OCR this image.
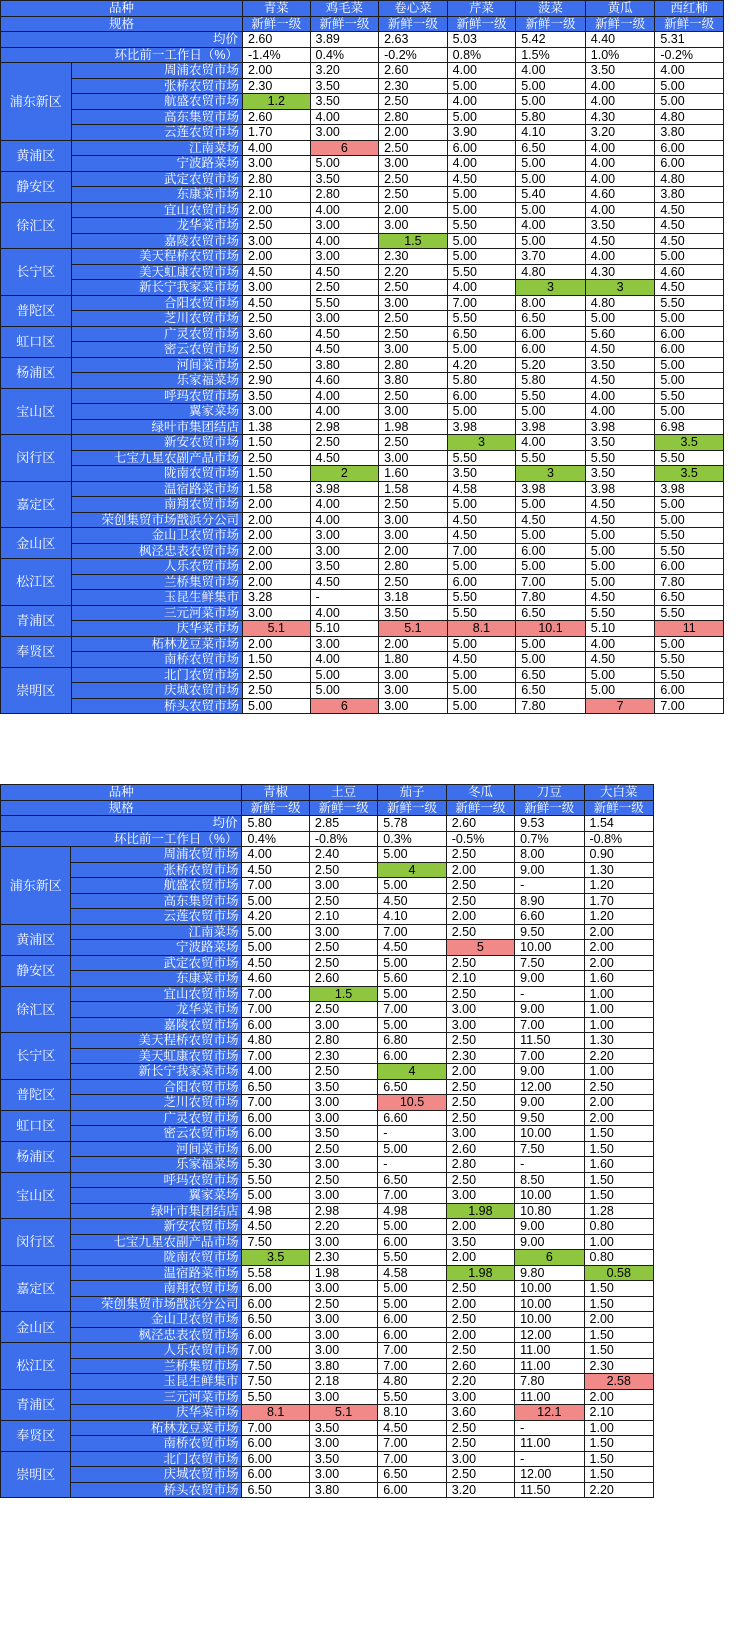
品种		青菜	鸡毛菜	卷心菜	芹菜	菠菜	黄瓜	西红柿
规格		新鲜一级	新鲜一级	新鲜一级	新鲜一级	新鲜一级	新鲜一级	新鲜一级
均价		2.60	3.89	2.63	5.03	5.42	4.40	5.31
环比前一工作日（%）		-1.4%	0.4%	-0.2%	0.8%	1.5%	1.0%	-0.2%
浦东新区	周浦农贸市场	2.00	3.20	2.60	4.00	4.00	3.50	4.00
	张桥农贸市场	2.30	3.50	2.30	5.00	5.00	4.00	5.00
	航盛农贸市场	1.2	3.50	2.50	4.00	5.00	4.00	5.00
	高东集贸市场	2.60	4.00	2.80	5.00	5.80	4.30	4.80
	云莲农贸市场	1.70	3.00	2.00	3.90	4.10	3.20	3.80
黄浦区	江南菜场	4.00	6	2.50	6.00	6.50	4.00	6.00
	宁波路菜场	3.00	5.00	3.00	4.00	5.00	4.00	6.00
静安区	武定农贸市场	2.80	3.50	2.50	4.50	5.00	4.00	4.80
	东康菜市场	2.10	2.80	2.50	5.00	5.40	4.60	3.80
徐汇区	宜山农贸市场	2.00	4.00	2.00	5.00	5.00	4.00	4.50
	龙华菜市场	2.50	3.00	3.00	5.50	4.00	3.50	4.50
	嘉陵农贸市场	3.00	4.00	1.5	5.00	5.00	4.50	4.50
长宁区	美天程桥农贸市场	2.00	3.00	2.30	5.00	3.70	4.00	5.00
	美天虹康农贸市场	4.50	4.50	2.20	5.50	4.80	4.30	4.60
	新长宁我家菜市场	3.00	2.50	2.50	4.00	3	3	4.50
普陀区	合阳农贸市场	4.50	5.50	3.00	7.00	8.00	4.80	5.50
	芝川农贸市场	2.50	3.00	2.50	5.50	6.50	5.00	5.00
虹口区	广灵农贸市场	3.60	4.50	2.50	6.50	6.00	5.60	6.00
	密云农贸市场	2.50	4.50	3.00	5.00	6.00	4.50	6.00
杨浦区	河间菜市场	2.50	3.80	2.80	4.20	5.20	3.50	5.00
	乐家福菜场	2.90	4.60	3.80	5.80	5.80	4.50	5.00
宝山区	呼玛农贸市场	3.50	4.00	2.50	6.00	5.50	4.00	5.50
	翼家菜场	3.00	4.00	3.00	5.00	5.00	4.00	5.00
	绿叶市集团结店	1.38	2.98	1.98	3.98	3.98	3.98	6.98
闵行区	新安农贸市场	1.50	2.50	2.50	3	4.00	3.50	3.5
	七宝九星农副产品市场	2.50	4.50	3.00	5.50	5.50	5.50	5.50
	陇南农贸市场	1.50	2	1.60	3.50	3	3.50	3.5
嘉定区	温宿路菜市场	1.58	3.98	1.58	4.58	3.98	3.98	3.98
	南翔农贸市场	2.00	4.00	2.50	5.00	5.00	4.50	5.00
	荣创集贸市场戬浜分公司	2.00	4.00	3.00	4.50	4.50	4.50	5.00
金山区	金山卫农贸市场	2.00	3.00	3.00	4.50	5.00	5.00	5.50
	枫泾忠表农贸市场	2.00	3.00	2.00	7.00	6.00	5.00	5.50
松江区	人乐农贸市场	2.00	3.50	2.80	5.00	5.00	5.00	6.00
	兰桥集贸市场	2.00	4.50	2.50	6.00	7.00	5.00	7.80
	玉昆生鲜集市	3.28	-	3.18	5.50	7.80	4.50	6.50
青浦区	三元河菜市场	3.00	4.00	3.50	5.50	6.50	5.50	5.50
	庆华菜市场	5.1	5.10	5.1	8.1	10.1	5.10	11
奉贤区	柘林龙豆菜市场	2.00	3.00	2.00	5.00	5.00	4.00	5.00
	南桥农贸市场	1.50	4.00	1.80	4.50	5.00	4.50	5.50
崇明区	北门农贸市场	2.50	5.00	3.00	5.00	6.50	5.00	5.50
	庆城农贸市场	2.50	5.00	3.00	5.00	6.50	5.00	6.00
	桥头农贸市场	5.00	6	3.00	5.00	7.80	7	7.00
品种		青椒	土豆	茄子	冬瓜	刀豆	大白菜
规格		新鲜一级	新鲜一级	新鲜一级	新鲜一级	新鲜一级	新鲜一级
均价		5.80	2.85	5.78	2.60	9.53	1.54
环比前一工作日（%）		0.4%	-0.8%	0.3%	-0.5%	0.7%	-0.8%
浦东新区	周浦农贸市场	4.00	2.40	5.00	2.50	8.00	0.90
	张桥农贸市场	4.50	2.50	4	2.00	9.00	1.30
	航盛农贸市场	7.00	3.00	5.00	2.50	-	1.20
	高东集贸市场	5.00	2.50	4.50	2.50	8.90	1.70
	云莲农贸市场	4.20	2.10	4.10	2.00	6.60	1.20
黄浦区	江南菜场	5.00	3.00	7.00	2.50	9.50	2.00
	宁波路菜场	5.00	2.50	4.50	5	10.00	2.00
静安区	武定农贸市场	4.50	2.50	5.00	2.50	7.50	2.00
	东康菜市场	4.60	2.60	5.60	2.10	9.00	1.60
徐汇区	宜山农贸市场	7.00	1.5	5.00	2.50	-	1.00
	龙华菜市场	7.00	2.50	7.00	3.00	9.00	1.00
	嘉陵农贸市场	6.00	3.00	5.00	3.00	7.00	1.00
长宁区	美天程桥农贸市场	4.80	2.80	6.80	2.50	11.50	1.30
	美天虹康农贸市场	7.00	2.30	6.00	2.30	7.00	2.20
	新长宁我家菜市场	4.00	2.50	4	2.00	9.00	1.00
普陀区	合阳农贸市场	6.50	3.50	6.50	2.50	12.00	2.50
	芝川农贸市场	7.00	3.00	10.5	2.50	9.00	2.00
虹口区	广灵农贸市场	6.00	3.00	6.60	2.50	9.50	2.00
	密云农贸市场	6.00	3.50	-	3.00	10.00	1.50
杨浦区	河间菜市场	6.00	2.50	5.00	2.60	7.50	1.50
	乐家福菜场	5.30	3.00	-	2.80	-	1.60
宝山区	呼玛农贸市场	5.50	2.50	6.50	2.50	8.50	1.50
	翼家菜场	5.00	3.00	7.00	3.00	10.00	1.50
	绿叶市集团结店	4.98	2.98	4.98	1.98	10.80	1.28
闵行区	新安农贸市场	4.50	2.20	5.00	2.00	9.00	0.80
	七宝九星农副产品市场	7.50	3.00	6.00	3.50	9.00	1.00
	陇南农贸市场	3.5	2.30	5.50	2.00	6	0.80
嘉定区	温宿路菜市场	5.58	1.98	4.58	1.98	9.80	0.58
	南翔农贸市场	6.00	3.00	5.00	2.50	10.00	1.50
	荣创集贸市场戬浜分公司	6.00	2.50	5.00	2.00	10.00	1.50
金山区	金山卫农贸市场	6.50	3.00	6.00	2.50	10.00	2.00
	枫泾忠表农贸市场	6.00	3.00	6.00	2.00	12.00	1.50
松江区	人乐农贸市场	7.00	3.00	7.00	2.50	11.00	1.50
	兰桥集贸市场	7.50	3.80	7.00	2.60	11.00	2.30
	玉昆生鲜集市	7.50	2.18	4.80	2.20	7.80	2.58
青浦区	三元河菜市场	5.50	3.00	5.50	3.00	11.00	2.00
	庆华菜市场	8.1	5.1	8.10	3.60	12.1	2.10
奉贤区	柘林龙豆菜市场	7.00	3.50	4.50	2.50	-	1.00
	南桥农贸市场	6.00	3.00	7.00	2.50	11.00	1.50
崇明区	北门农贸市场	6.00	3.50	7.00	3.00	-	1.50
	庆城农贸市场	6.00	3.00	6.50	2.50	12.00	1.50
	桥头农贸市场	6.50	3.80	6.00	3.20	11.50	2.20
